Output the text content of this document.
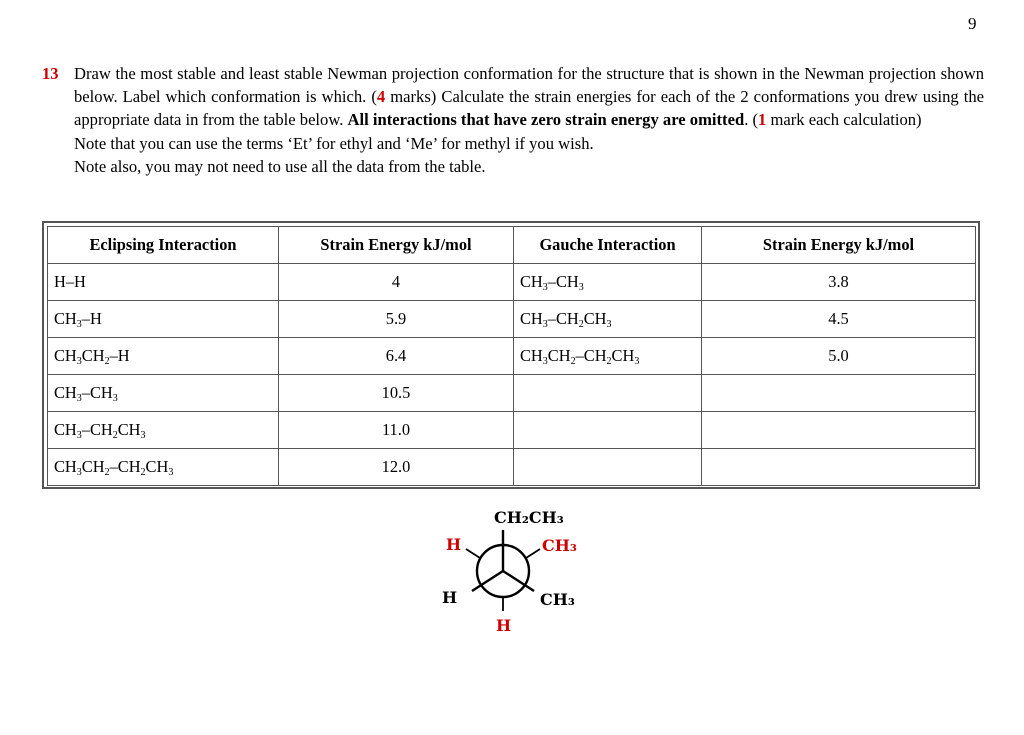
9
13 Draw the most stable and least stable Newman projection conformation for the structure that is shown in the Newman projection shown below. Label which conformation is which. (4 marks) Calculate the strain energies for each of the 2 conformations you drew using the appropriate data in from the table below. All interactions that have zero strain energy are omitted. (1 mark each calculation)

Note that you can use the terms ‘Et’ for ethyl and ‘Me’ for methyl if you wish.

Note also, you may not need to use all the data from the table.

Eclipsing Interaction	Strain Energy kJ/mol	Gauche Interaction	Strain Energy kJ/mol
H–H	4	$CH_3-CH_3$	3.8
$CH_3-H$	5.9	$CH_3-CH_2CH_3$	4.5
$CH_3CH_2-H$	6.4	$CH_3CH_2-CH_2CH_3$	5.0
$CH_3-CH_3$	10.5		
$CH_3-CH_2CH_3$	11.0		
$CH_3CH_2-CH_2CH_3$	12.0		
CH₂CH₃
H	CH₃
H	CH₃
H
